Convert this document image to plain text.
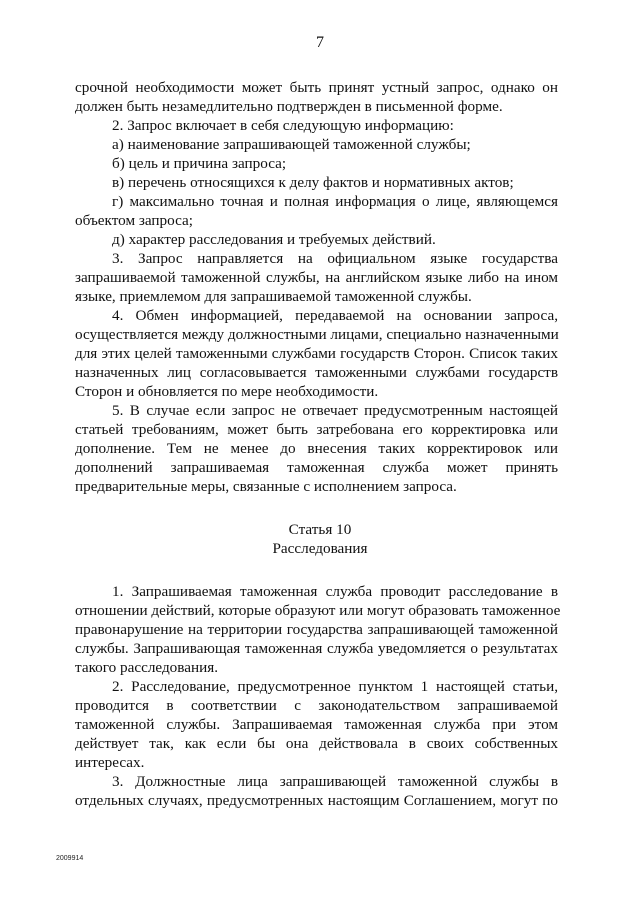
7
срочной необходимости может быть принят устный запрос, однако он
должен быть незамедлительно подтвержден в письменной форме.
2. Запрос включает в себя следующую информацию:
а) наименование запрашивающей таможенной службы;
б) цель и причина запроса;
в) перечень относящихся к делу фактов и нормативных актов;
г) максимально точная и полная информация о лице, являющемся
объектом запроса;
д) характер расследования и требуемых действий.
3. Запрос направляется на официальном языке государства
запрашиваемой таможенной службы, на английском языке либо на ином
языке, приемлемом для запрашиваемой таможенной службы.
4. Обмен информацией, передаваемой на основании запроса,
осуществляется между должностными лицами, специально назначенными
для этих целей таможенными службами государств Сторон. Список таких
назначенных лиц согласовывается таможенными службами государств
Сторон и обновляется по мере необходимости.
5. В случае если запрос не отвечает предусмотренным настоящей
статьей требованиям, может быть затребована его корректировка или
дополнение. Тем не менее до внесения таких корректировок или
дополнений запрашиваемая таможенная служба может принять
предварительные меры, связанные с исполнением запроса.
Статья 10
Расследования
1. Запрашиваемая таможенная служба проводит расследование в
отношении действий, которые образуют или могут образовать таможенное
правонарушение на территории государства запрашивающей таможенной
службы. Запрашивающая таможенная служба уведомляется о результатах
такого расследования.
2. Расследование, предусмотренное пунктом 1 настоящей статьи,
проводится в соответствии с законодательством запрашиваемой
таможенной службы. Запрашиваемая таможенная служба при этом
действует так, как если бы она действовала в своих собственных
интересах.
3. Должностные лица запрашивающей таможенной службы в
отдельных случаях, предусмотренных настоящим Соглашением, могут по
2009914
